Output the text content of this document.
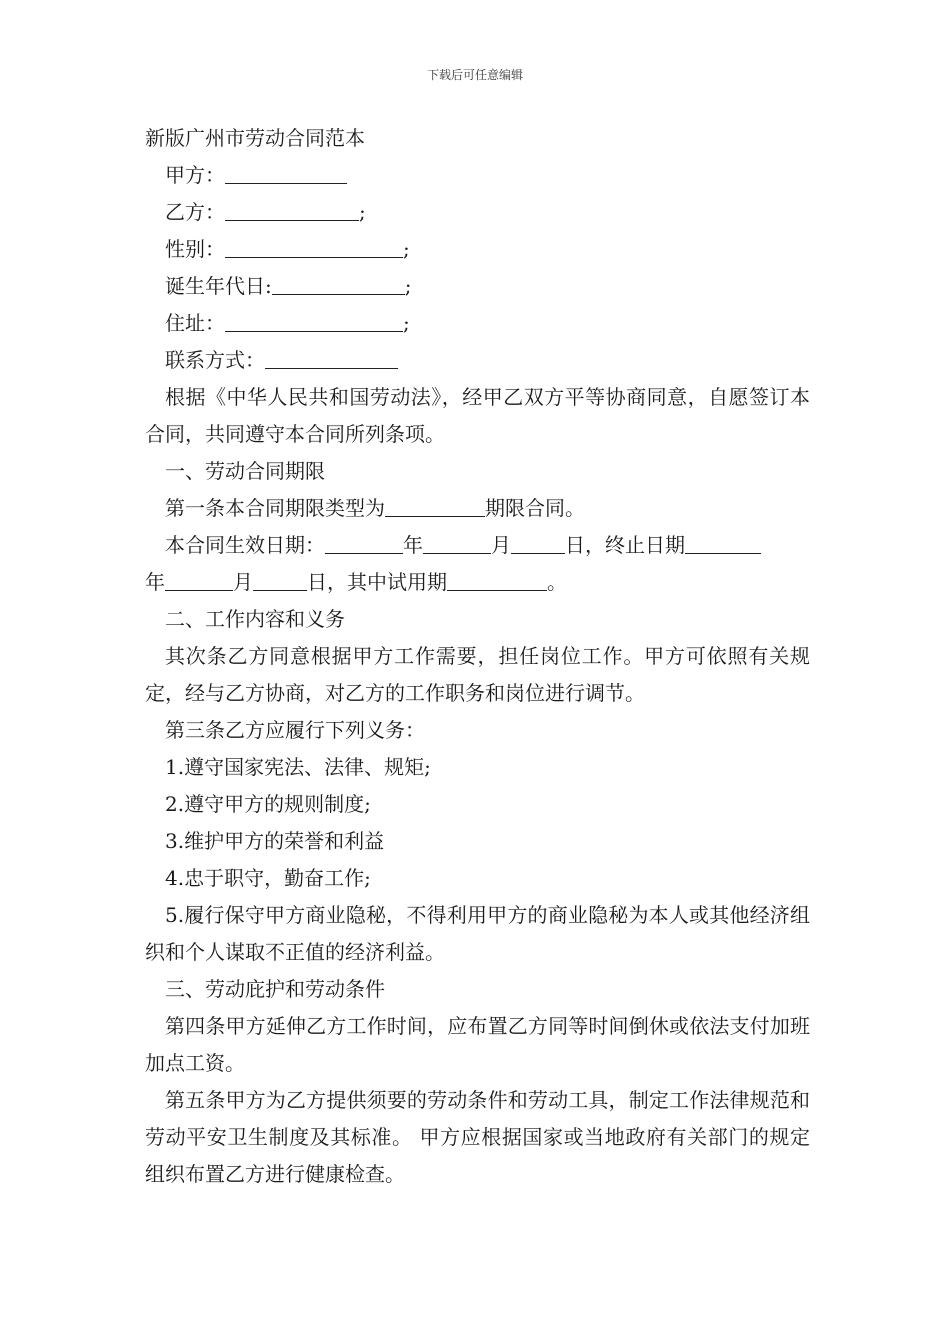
下载后可任意编辑
新版广州市劳动合同范本
甲方：
乙方：	;
性别：	;
诞生年代日:	;
住址：	;
联系方式：
根据《中华人民共和国劳动法》，经甲乙双方平等协商同意，自愿签订本合同，共同遵守本合同所列条项。
一、劳动合同期限
第一条本合同期限类型为	期限合同。
本合同生效日期：	年	月	日，终止日期
年	月	日，其中试用期	。
二、工作内容和义务
其次条乙方同意根据甲方工作需要，担任岗位工作。甲方可依照有关规定，经与乙方协商，对乙方的工作职务和岗位进行调节。
第三条乙方应履行下列义务：
1.遵守国家宪法、法律、规矩;
2.遵守甲方的规则制度;
3.维护甲方的荣誉和利益
4.忠于职守，勤奋工作;
5.履行保守甲方商业隐秘，不得利用甲方的商业隐秘为本人或其他经济组织和个人谋取不正值的经济利益。
三、劳动庇护和劳动条件
第四条甲方延伸乙方工作时间，应布置乙方同等时间倒休或依法支付加班加点工资。
第五条甲方为乙方提供须要的劳动条件和劳动工具，制定工作法律规范和劳动平安卫生制度及其标准。 甲方应根据国家或当地政府有关部门的规定组织布置乙方进行健康检查。
